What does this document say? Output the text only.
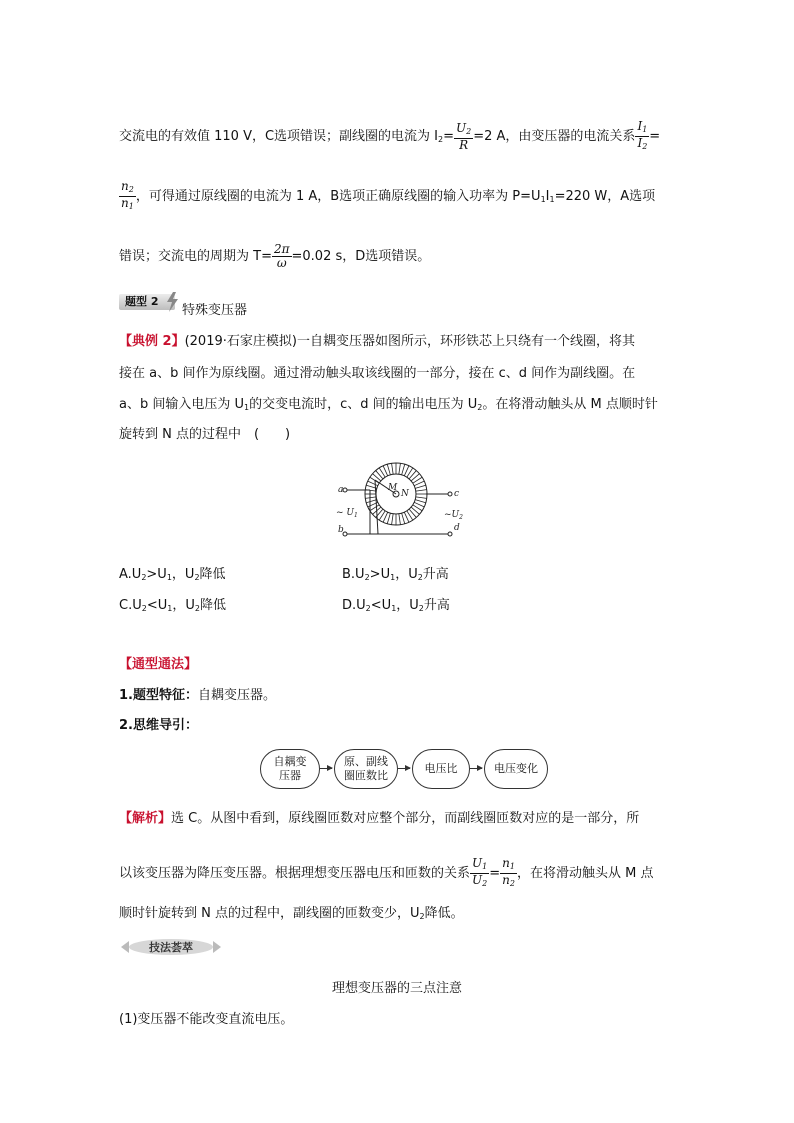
交流电的有效值 110 V，C选项错误；副线圈的电流为 $I_2= \frac{U_2}{R} =2$ A，由变压器的电流关系 $\frac{I_1}{I_2}$ =
$\frac{n_2}{n_1}$ ，可得通过原线圈的电流为 1 A，B选项正确原线圈的输入功率为 $P=U_1I_1=220$ W，A选项
错误；交流电的周期为 $T= \frac{2\pi}{\omega} =0.02$ s，D选项错误。
题型 2
特殊变压器
【典例 2】(2019·石家庄模拟)一自耦变压器如图所示，环形铁芯上只绕有一个线圈，将其
接在 a、b 间作为原线圈。通过滑动触头取该线圈的一部分，接在 c、d 间作为副线圈。在
a、b 间输入电压为 $U_1$的交变电流时，c、d 间的输出电压为 $U_2$。在将滑动触头从 M 点顺时针
旋转到 N 点的过程中　(　　)
a
b
c
d
M
N
~ $U_1$	$\sim U_2$
$A.U_2>U_1$，$U_2$降低	$B.U_2>U_1$，$U_2$升高
$C.U_2<U_1$，$U_2$降低	$D.U_2<U_1$，$U_2$升高
【通型通法】
1.题型特征：自耦变压器。
2.思维导引：
自耦变
压器
原、副线
圈匝数比
电压比	电压变化
【解析】选 C。从图中看到，原线圈匝数对应整个部分，而副线圈匝数对应的是一部分，所
以该变压器为降压变压器。根据理想变压器电压和匝数的关系 $\frac{U_1}{U_2} = \frac{n_1}{n_2}$ ，在将滑动触头从 M 点
顺时针旋转到 N 点的过程中，副线圈的匝数变少，$U_2$降低。
技法荟萃
理想变压器的三点注意
(1)变压器不能改变直流电压。
